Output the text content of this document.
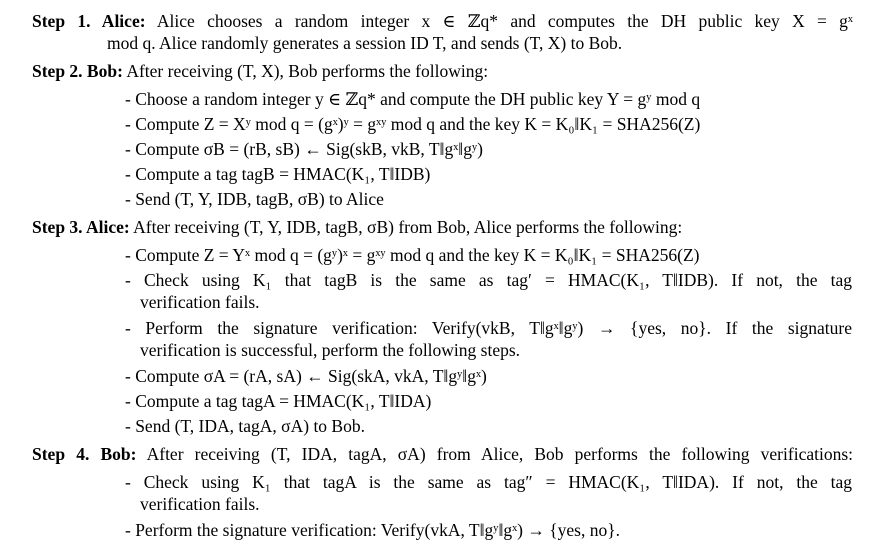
Step 1. Alice: Alice chooses a random integer x ∈ ℤq* and computes the DH public key X = gˣ
mod q. Alice randomly generates a session ID T, and sends (T, X) to Bob.
Step 2. Bob: After receiving (T, X), Bob performs the following:
- Choose a random integer y ∈ ℤq* and compute the DH public key Y = gʸ mod q
- Compute Z = Xʸ mod q = (gˣ)ʸ = gˣʸ mod q and the key K = K₀‖K₁ = SHA256(Z)
- Compute σB = (rB, sB) ← Sig(skB, vkB, T‖gˣ‖gʸ)
- Compute a tag tagB = HMAC(K₁, T‖IDB)
- Send (T, Y, IDB, tagB, σB) to Alice
Step 3. Alice: After receiving (T, Y, IDB, tagB, σB) from Bob, Alice performs the following:
- Compute Z = Yˣ mod q = (gʸ)ˣ = gˣʸ mod q and the key K = K₀‖K₁ = SHA256(Z)
- Check using K₁ that tagB is the same as tag′ = HMAC(K₁, T‖IDB). If not, the tag
verification fails.
- Perform the signature verification: Verify(vkB, T‖gˣ‖gʸ) → {yes, no}. If the signature
verification is successful, perform the following steps.
- Compute σA = (rA, sA) ← Sig(skA, vkA, T‖gʸ‖gˣ)
- Compute a tag tagA = HMAC(K₁, T‖IDA)
- Send (T, IDA, tagA, σA) to Bob.
Step 4. Bob: After receiving (T, IDA, tagA, σA) from Alice, Bob performs the following verifications:
- Check using K₁ that tagA is the same as tag″ = HMAC(K₁, T‖IDA). If not, the tag
verification fails.
- Perform the signature verification: Verify(vkA, T‖gʸ‖gˣ) → {yes, no}.
